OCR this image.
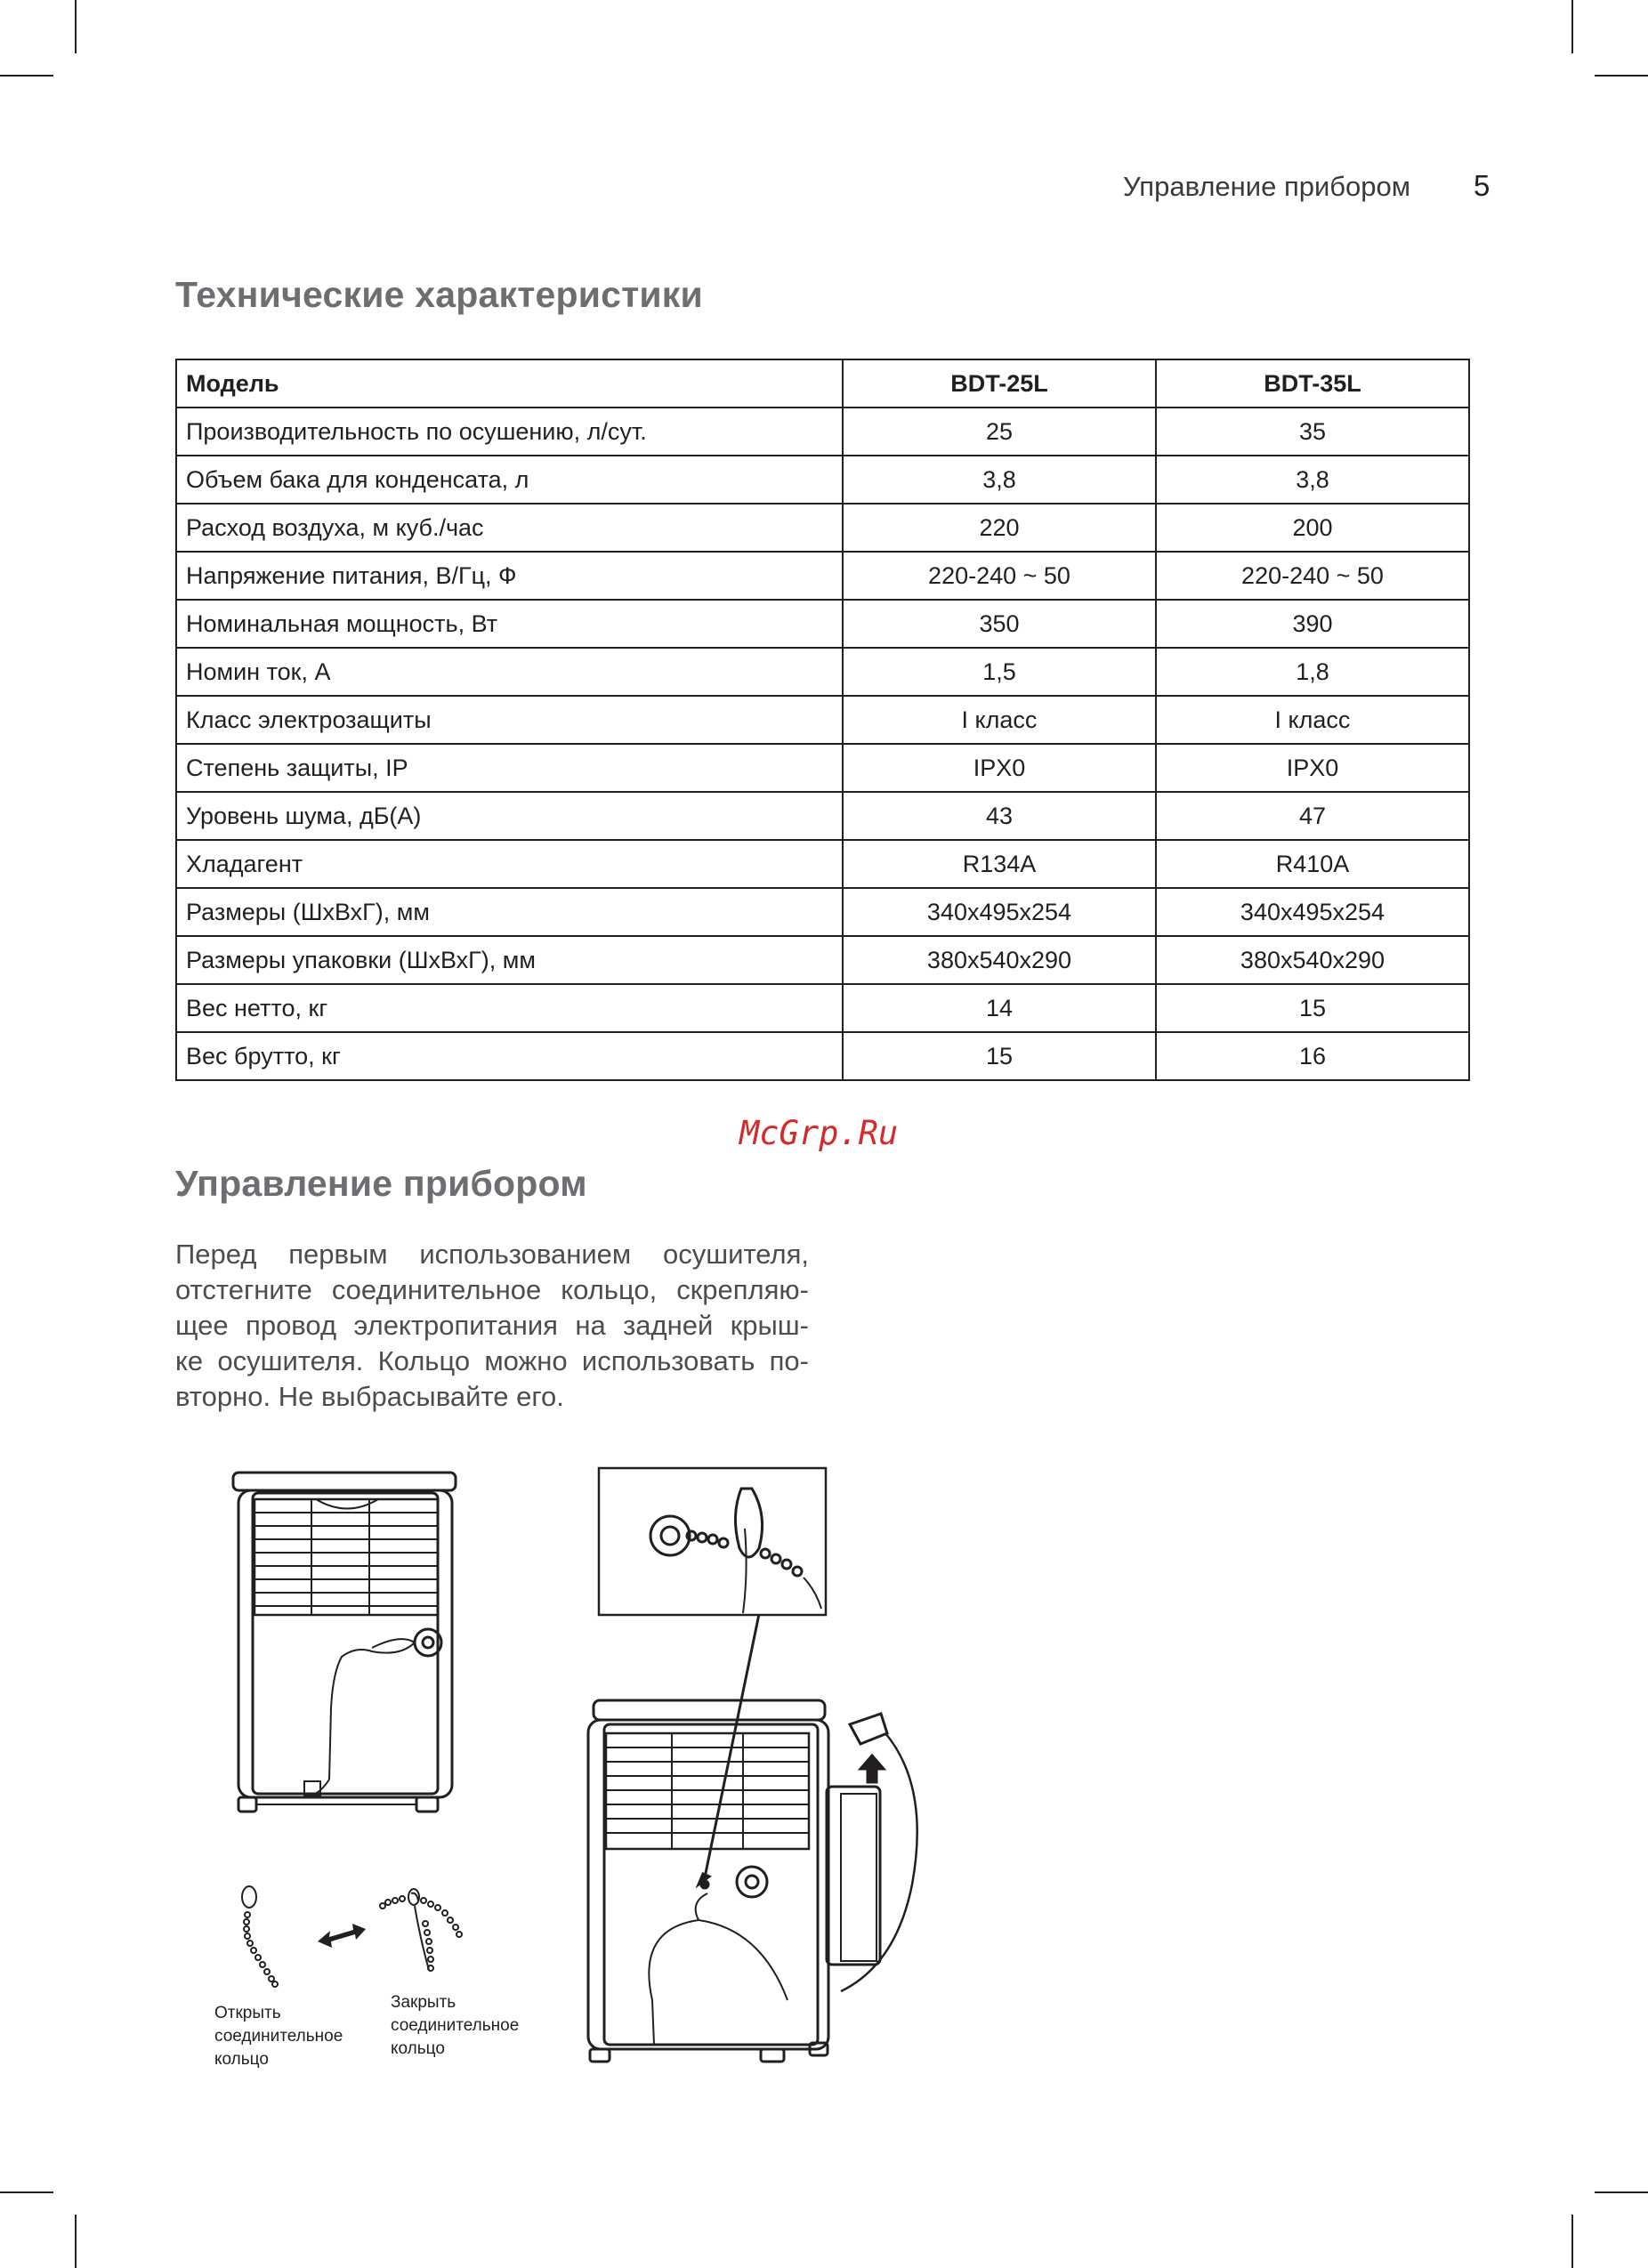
Управление прибором 5
Технические характеристики
Модель	BDT-25L	BDT-35L
Производительность по осушению, л/сут.	25	35
Объем бака для конденсата, л	3,8	3,8
Расход воздуха, м куб./час	220	200
Напряжение питания, В/Гц, Ф	220-240 ~ 50	220-240 ~ 50
Номинальная мощность, Вт	350	390
Номин ток, А	1,5	1,8
Класс электрозащиты	I класс	I класс
Степень защиты, IP	IPX0	IPX0
Уровень шума, дБ(А)	43	47
Хладагент	R134A	R410A
Размеры (ШхВхГ), мм	340x495x254	340x495x254
Размеры упаковки (ШхВхГ), мм	380x540x290	380x540x290
Вес нетто, кг	14	15
Вес брутто, кг	15	16
McGrp.Ru
Управление прибором

Перед первым использованием осушителя,
отстегните соединительное кольцо, скрепляю-
щее провод электропитания на задней крыш-
ке осушителя. Кольцо можно использовать по-
вторно. Не выбрасывайте его.

Открыть
соединительное
кольцо
Закрыть
соединительное
кольцо
